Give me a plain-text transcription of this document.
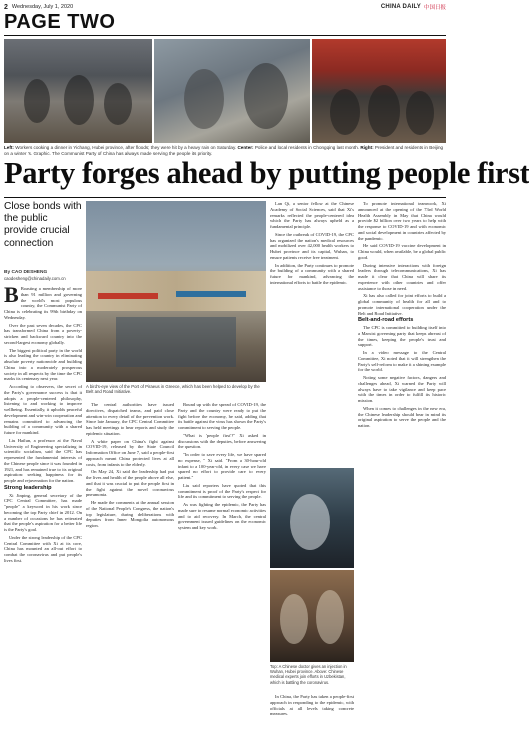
2 Wednesday, July 1, 2020	CHINA DAILY 中国日报
PAGE TWO
Left: Workers cooking a dinner in Yichang, Hubei province, after floods; they were hit by a heavy rain on Saturday. Center: Police and local residents in Chongqing last month. Right: President and residents in Beijing on a winter 's. Graphic. The Communist Party of China has always made serving the people its priority.
Party forges ahead by putting people first
Close bonds with the public provide crucial connection
By CAO DESHENG
caodesheng@chinadaily.com.cn

B Boasting a membership of more than 91 million and governing the world's most populous country, the Communist Party of China is celebrating its 99th birthday on Wednesday.

Over the past seven decades, the CPC has transformed China from a poverty-stricken and backward country into the second-largest economy globally.

The biggest political party in the world is also leading the country in eliminating absolute poverty nationwide and building China into a moderately prosperous society in all respects by the time the CPC marks its centenary next year.

According to observers, the secret of the Party's governance success is that it adopts a people-centered philosophy, listening to and working to improve wellbeing. Essentially, it upholds peaceful development and win-win cooperation and remains committed to advancing the building of a community with a shared future for mankind.

Liu Hailun, a professor at the Naval University of Engineering specializing in scientific socialism, said the CPC has represented the fundamental interests of the Chinese people since it was founded in 1921, and has remained true to its original aspiration: seeking happiness for its people and rejuvenation for the nation.

Strong leadership

Xi Jinping, general secretary of the CPC Central Committee, has made "people" a keyword in his work since becoming the top Party chief in 2012. On a number of occasions he has reiterated that the people's aspiration for a better life is the Party's goal.

Under the strong leadership of the CPC Central Committee with Xi at its core, China has mounted an all-out effort to combat the coronavirus and put people's lives first.

A bird's-eye view of the Port of Piraeus in Greece, which has been helped to develop by the Belt and Road Initiative.

The central authorities have issued directives, dispatched teams, and paid close attention to every detail of the prevention work. Since late January, the CPC Central Committee has held meetings to hear reports and study the epidemic situation.

A white paper on China's fight against COVID-19, released by the State Council Information Office on June 7, said a people-first approach meant China protected lives at all costs, from infants to the elderly.

On May 24, Xi said the leadership had put the lives and health of the people above all else, and that it was crucial to put the people first in the fight against the novel coronavirus pneumonia.

He made the comments at the annual session of the National People's Congress, the nation's top legislature, during deliberations with deputies from Inner Mongolia autonomous region.

Bound up with the spread of COVID-19, the Party and the country were ready to put the fight before the economy, he said, adding that its battle against the virus has shown the Party's commitment to serving the people.

"What is 'people first'?" Xi asked in discussions with the deputies, before answering the question.

"In order to save every life, we have spared no expense, " Xi said. "From a 30-hour-old infant to a 100-year-old, in every case we have spared no effort to provide care to every patient."

Liu said reporters have quoted that this commitment is proof of the Party's respect for life and its commitment to serving the people.

As was fighting the epidemic, the Party has made sure to resume normal economic activities and to aid recovery. In March, the central government issued guidelines on the economic system and key work.

Lan Qi, a senior fellow at the Chinese Academy of Social Sciences, said that Xi's remarks reflected the people-centered idea which the Party has always upheld as a fundamental principle.

Since the outbreak of COVID-19, the CPC has organized the nation's medical resources and mobilized over 42,000 health workers to Hubei province and its capital, Wuhan, to ensure patients receive free treatment.

In addition, the Party continues to promote the building of a community with a shared future for mankind, advancing the international efforts to battle the epidemic.

Top: A Chinese doctor gives an injection in Wuhan, Hubei province. Above: Chinese medical experts join efforts in Uzbekistan, which is battling the coronavirus.

In China, the Party has taken a people-first approach in responding to the epidemic, with officials at all levels taking concrete measures.

To promote international teamwork, Xi announced at the opening of the 73rd World Health Assembly in May that China would provide $2 billion over two years to help with the response to COVID-19 and with economic and social development in countries affected by the pandemic.

He said COVID-19 vaccine development in China would, when available, be a global public good.

During intensive interactions with foreign leaders through telecommunications, Xi has made it clear that China will share its experience with other countries and offer assistance to those in need.

Xi has also called for joint efforts to build a global community of health for all and to promote international cooperation under the Belt and Road Initiative.

Belt-and-road efforts

The CPC is committed to building itself into a Marxist governing party that keeps abreast of the times, keeping the people's trust and support.

In a video message to the Central Committee, Xi noted that it will strengthen the Party's self-reform to make it a shining example for the world.

Noting some negative factors, dangers and challenges ahead, Xi warned the Party will always have to take vigilance and keep pace with the times in order to fulfill its historic mission.

When it comes to challenges in the new era, the Chinese leadership should bear in mind its original aspiration to serve the people and the nation.
